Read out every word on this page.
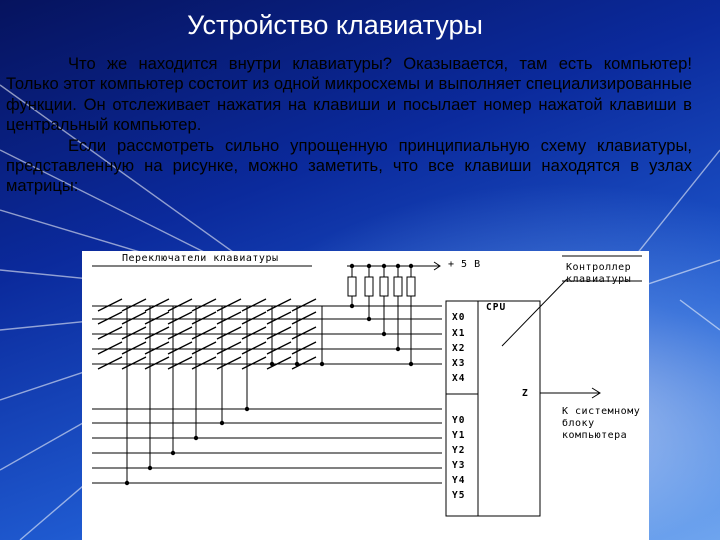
Устройство клавиатуры

Что же находится внутри клавиатуры? Оказывается, там есть компьютер! Только этот компьютер состоит из одной микросхемы и выполняет специализированные функции. Он отслеживает нажатия на клавиши и посылает номер нажатой клавиши в центральный компьютер.

Если рассмотреть сильно упрощенную принципиальную схему клавиатуры, представленную на рисунке, можно заметить, что все клавиши находятся в узлах матрицы:

Переключатели клавиатуры
+ 5 B	Контроллер
клавиатуры
CPU
Z
X0
X1
X2
X3
X4
Y0
Y1
Y2
Y3
Y4
Y5
К системному
блоку
компьютера
